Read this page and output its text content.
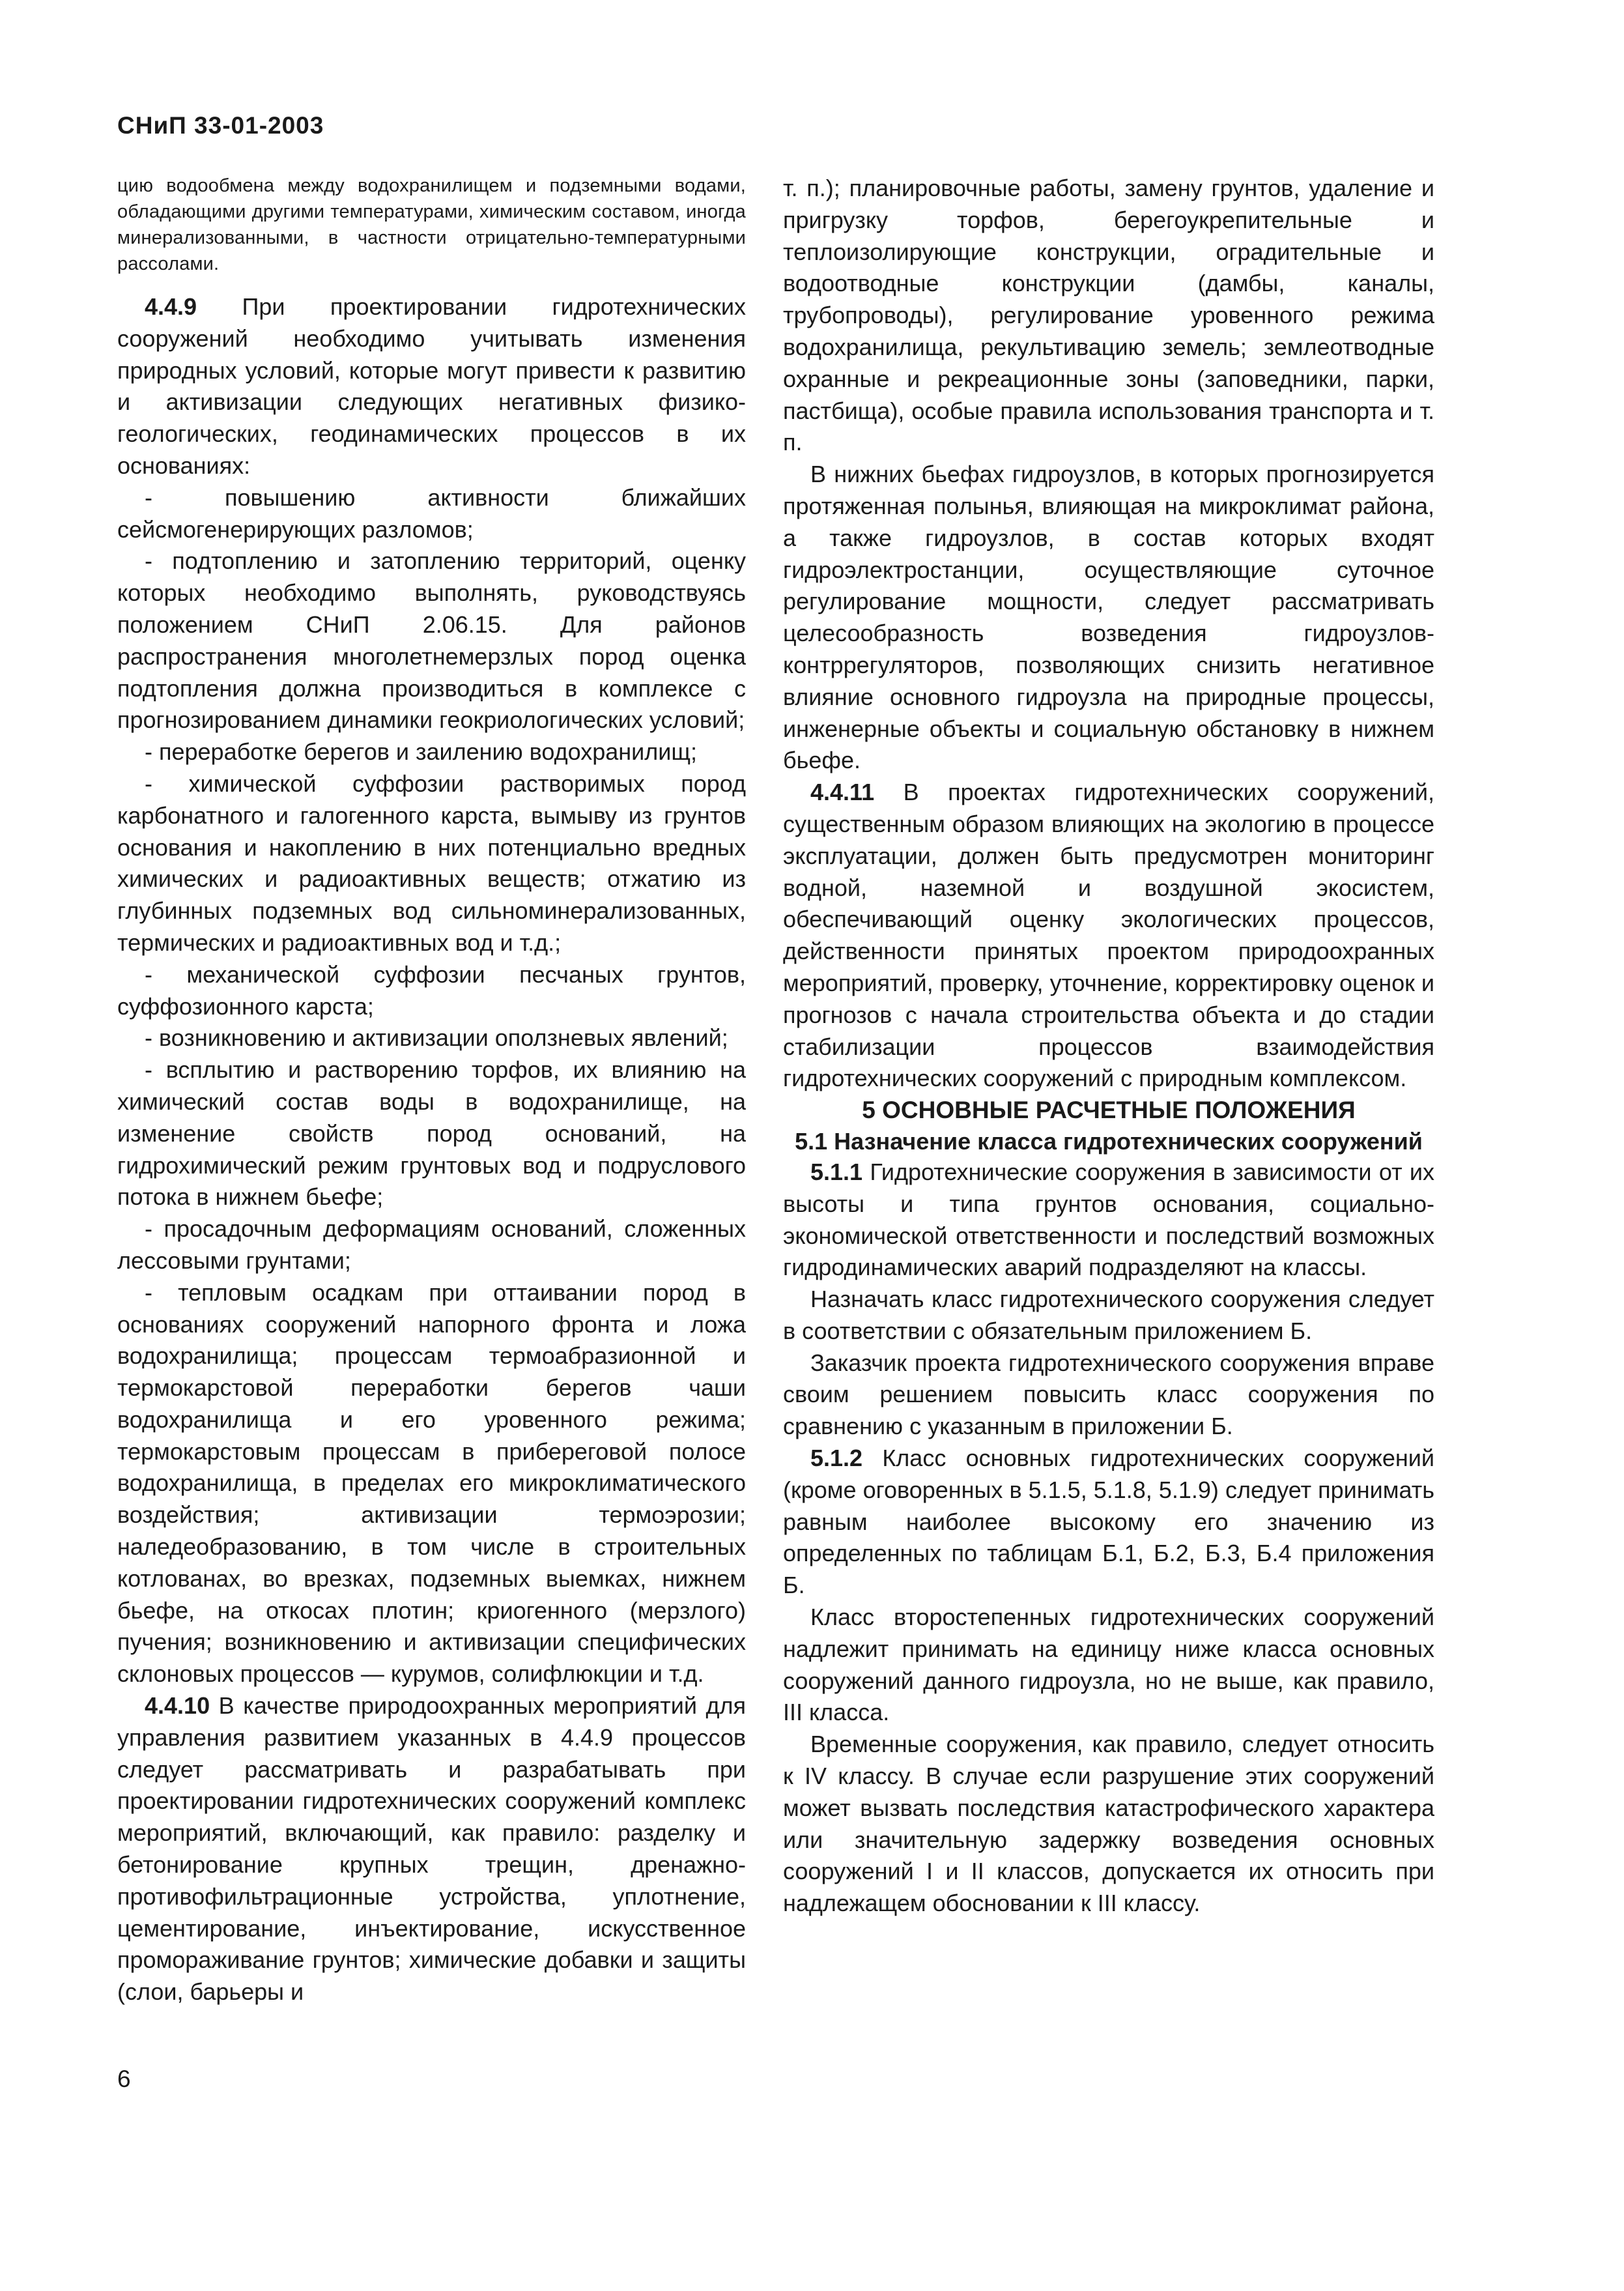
СНиП 33-01-2003

цию водообмена между водохранилищем и подземными водами, обладающими другими температурами, химическим составом, иногда минерализованными, в частности отрицательно-температурными рассолами.

4.4.9 При проектировании гидротехнических сооружений необходимо учитывать изменения природных условий, которые могут привести к развитию и активизации следующих негативных физико-геологических, геодинамических процессов в их основаниях:

- повышению активности ближайших сейсмогенерирующих разломов;

- подтоплению и затоплению территорий, оценку которых необходимо выполнять, руководствуясь положением СНиП 2.06.15. Для районов распространения многолетнемерзлых пород оценка подтопления должна производиться в комплексе с прогнозированием динамики геокриологических условий;

- переработке берегов и заилению водохранилищ;

- химической суффозии растворимых пород карбонатного и галогенного карста, вымыву из грунтов основания и накоплению в них потенциально вредных химических и радиоактивных веществ; отжатию из глубинных подземных вод сильноминерализованных, термических и радиоактивных вод и т.д.;

- механической суффозии песчаных грунтов, суффозионного карста;

- возникновению и активизации оползневых явлений;

- всплытию и растворению торфов, их влиянию на химический состав воды в водохранилище, на изменение свойств пород оснований, на гидрохимический режим грунтовых вод и подруслового потока в нижнем бьефе;

- просадочным деформациям оснований, сложенных лессовыми грунтами;

- тепловым осадкам при оттаивании пород в основаниях сооружений напорного фронта и ложа водохранилища; процессам термоабразионной и термокарстовой переработки берегов чаши водохранилища и его уровенного режима; термокарстовым процессам в прибереговой полосе водохранилища, в пределах его микроклиматического воздействия; активизации термоэрозии; наледеобразованию, в том числе в строительных котлованах, во врезках, подземных выемках, нижнем бьефе, на откосах плотин; криогенного (мерзлого) пучения; возникновению и активизации специфических склоновых процессов — курумов, солифлюкции и т.д.

4.4.10 В качестве природоохранных мероприятий для управления развитием указанных в 4.4.9 процессов следует рассматривать и разрабатывать при проектировании гидротехнических сооружений комплекс мероприятий, включающий, как правило: разделку и бетонирование крупных трещин, дренажно-противофильтрационные устройства, уплотнение, цементирование, инъектирование, искусственное проморaживание грунтов; химические добавки и защиты (слои, барьеры и

т. п.); планировочные работы, замену грунтов, удаление и пригрузку торфов, берегоукрепительные и теплоизолирующие конструкции, оградительные и водоотводные конструкции (дамбы, каналы, трубопроводы), регулирование уровенного режима водохранилища, рекультивацию земель; землеотводные охранные и рекреационные зоны (заповедники, парки, пастбища), особые правила использования транспорта и т. п.

В нижних бьефах гидроузлов, в которых прогнозируется протяженная полынья, влияющая на микроклимат района, а также гидроузлов, в состав которых входят гидроэлектростанции, осуществляющие суточное регулирование мощности, следует рассматривать целесообразность возведения гидроузлов-контррегуляторов, позволяющих снизить негативное влияние основного гидроузла на природные процессы, инженерные объекты и социальную обстановку в нижнем бьефе.

4.4.11 В проектах гидротехнических сооружений, существенным образом влияющих на экологию в процессе эксплуатации, должен быть предусмотрен мониторинг водной, наземной и воздушной экосистем, обеспечивающий оценку экологических процессов, действенности принятых проектом природоохранных мероприятий, проверку, уточнение, корректировку оценок и прогнозов с начала строительства объекта и до стадии стабилизации процессов взаимодействия гидротехнических сооружений с природным комплексом.

5 ОСНОВНЫЕ РАСЧЕТНЫЕ ПОЛОЖЕНИЯ

5.1 Назначение класса гидротехнических сооружений

5.1.1 Гидротехнические сооружения в зависимости от их высоты и типа грунтов основания, социально-экономической ответственности и последствий возможных гидродинамических аварий подразделяют на классы.

Назначать класс гидротехнического сооружения следует в соответствии с обязательным приложением Б.

Заказчик проекта гидротехнического сооружения вправе своим решением повысить класс сооружения по сравнению с указанным в приложении Б.

5.1.2 Класс основных гидротехнических сооружений (кроме оговоренных в 5.1.5, 5.1.8, 5.1.9) следует принимать равным наиболее высокому его значению из определенных по таблицам Б.1, Б.2, Б.3, Б.4 приложения Б.

Класс второстепенных гидротехнических сооружений надлежит принимать на единицу ниже класса основных сооружений данного гидроузла, но не выше, как правило, III класса.

Временные сооружения, как правило, следует относить к IV классу. В случае если разрушение этих сооружений может вызвать последствия катастрофического характера или значительную задержку возведения основных сооружений I и II классов, допускается их относить при надлежащем обосновании к III классу.

6
